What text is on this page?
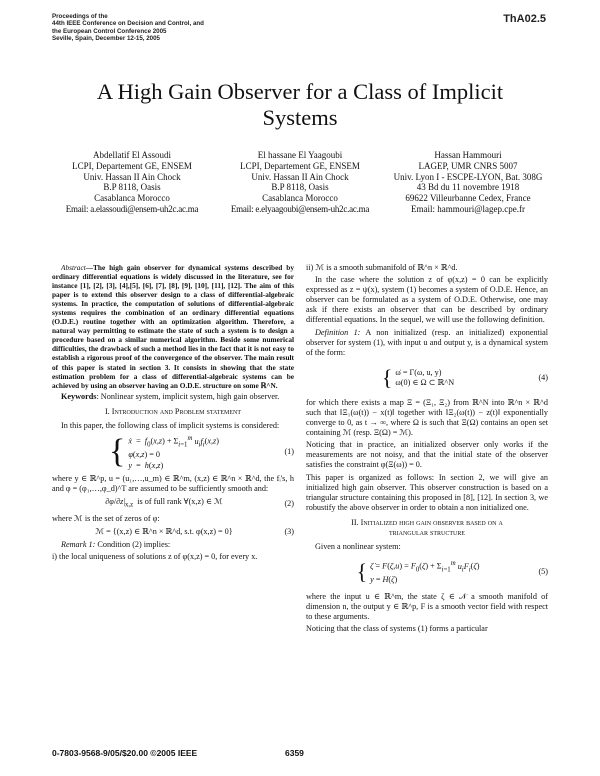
Proceedings of the
44th IEEE Conference on Decision and Control, and
the European Control Conference 2005
Seville, Spain, December 12-15, 2005
ThA02.5
A High Gain Observer for a Class of Implicit
Systems
Abdellatif El Assoudi
LCPI, Departement GE, ENSEM
Univ. Hassan II Ain Chock
B.P 8118, Oasis
Casablanca Morocco
Email: a.elassoudi@ensem-uh2c.ac.ma
El hassane El Yaagoubi
LCPI, Departement GE, ENSEM
Univ. Hassan II Ain Chock
B.P 8118, Oasis
Casablanca Morocco
Email: e.elyaagoubi@ensem-uh2c.ac.ma
Hassan Hammouri
LAGEP, UMR CNRS 5007
Univ. Lyon I - ESCPE-LYON, Bat. 308G
43 Bd du 11 novembre 1918
69622 Villeurbanne Cedex, France
Email: hammouri@lagep.cpe.fr

Abstract—The high gain observer for dynamical systems described by ordinary differential equations is widely discussed in the literature, see for instance [1], [2], [3], [4],[5], [6], [7], [8], [9], [10], [11], [12]. The aim of this paper is to extend this observer design to a class of differential-algebraic systems. In practice, the computation of solutions of differential-algebraic systems requires the combination of an ordinary differential equations (O.D.E.) routine together with an optimization algorithm. Therefore, a natural way permitting to estimate the state of such a system is to design a procedure based on a similar numerical algorithm. Beside some numerical difficulties, the drawback of such a method lies in the fact that it is not easy to establish a rigorous proof of the convergence of the observer. The main result of this paper is stated in section 3. It consists in showing that the state estimation problem for a class of differential-algebraic systems can be achieved by using an observer having an O.D.E. structure on some ℝ^N.

Keywords: Nonlinear system, implicit system, high gain observer.

I. Introduction and Problem statement

In this paper, the following class of implicit systems is considered:

{ ẋ  =  $f_0(x,z) + \Sigma_{i=1}^m$ $u_if_i(x,z)$
φ(x,z) = 0
y  =  h(x,z)
(1)

where y ∈ ℝ^p, u = (u₁,…,u_m) ∈ ℝ^m, (x,z) ∈ ℝ^n × ℝ^d, the fᵢ's, h and φ = (φ₁,…,φ_d)^T are assumed to be sufficiently smooth and:

$\partial\varphi/\partial z|_{x,z}$ is of full rank ∀(x,z) ∈ ℳ	(2)

where ℳ is the set of zeros of φ:

ℳ = {(x,z) ∈ ℝ^n × ℝ^d, s.t. φ(x,z) = 0}	(3)

Remark 1: Condition (2) implies:

i) the local uniqueness of solutions z of φ(x,z) = 0, for every x.

ii) ℳ is a smooth submanifold of ℝ^n × ℝ^d.

In the case where the solution z of φ(x,z) = 0 can be explicitly expressed as z = ψ(x), system (1) becomes a system of O.D.E. Hence, an observer can be formulated as a system of O.D.E. Otherwise, one may ask if there exists an observer that can be described by ordinary differential equations. In the sequel, we will use the following definition.

Definition 1: A non initialized (resp. an initialized) exponential observer for system (1), with input u and output y, is a dynamical system of the form:

{ ω̇ = Γ(ω, u, y)
ω(0) ∈ Ω ⊂ ℝ^N
(4)

for which there exists a map Ξ = (Ξ₁, Ξ₂) from ℝ^N into ℝ^n × ℝ^d such that ‖Ξ₁(ω(t)) − x(t)‖ together with ‖Ξ₂(ω(t)) − z(t)‖ exponentially converge to 0, as t → ∞, where Ω is such that Ξ(Ω) contains an open set containing ℳ (resp. Ξ(Ω) = ℳ).

Noticing that in practice, an initialized observer only works if the measurements are not noisy, and that the initial state of the observer satisfies the constraint φ(Ξ(ω)) = 0.

This paper is organized as follows: In section 2, we will give an initialized high gain observer. This observer construction is based on a triangular structure containing this proposed in [8], [12]. In section 3, we robustify the above observer in order to obtain a non initialized one.

II. Initialized high gain observer based on a
triangular structure

Given a nonlinear system:

{ ζ̇ = $F(\zeta,u) = F_0(\zeta) + \Sigma_{i=1}^m$ $u_iF_i(\zeta)$
y = H(ζ)
(5)

where the input u ∈ ℝ^m, the state ζ ∈ 𝒩 a smooth manifold of dimension n, the output y ∈ ℝ^p, F is a smooth vector field with respect to these arguments.

Noticing that the class of systems (1) forms a particular

0-7803-9568-9/05/$20.00 ©2005 IEEE	6359
